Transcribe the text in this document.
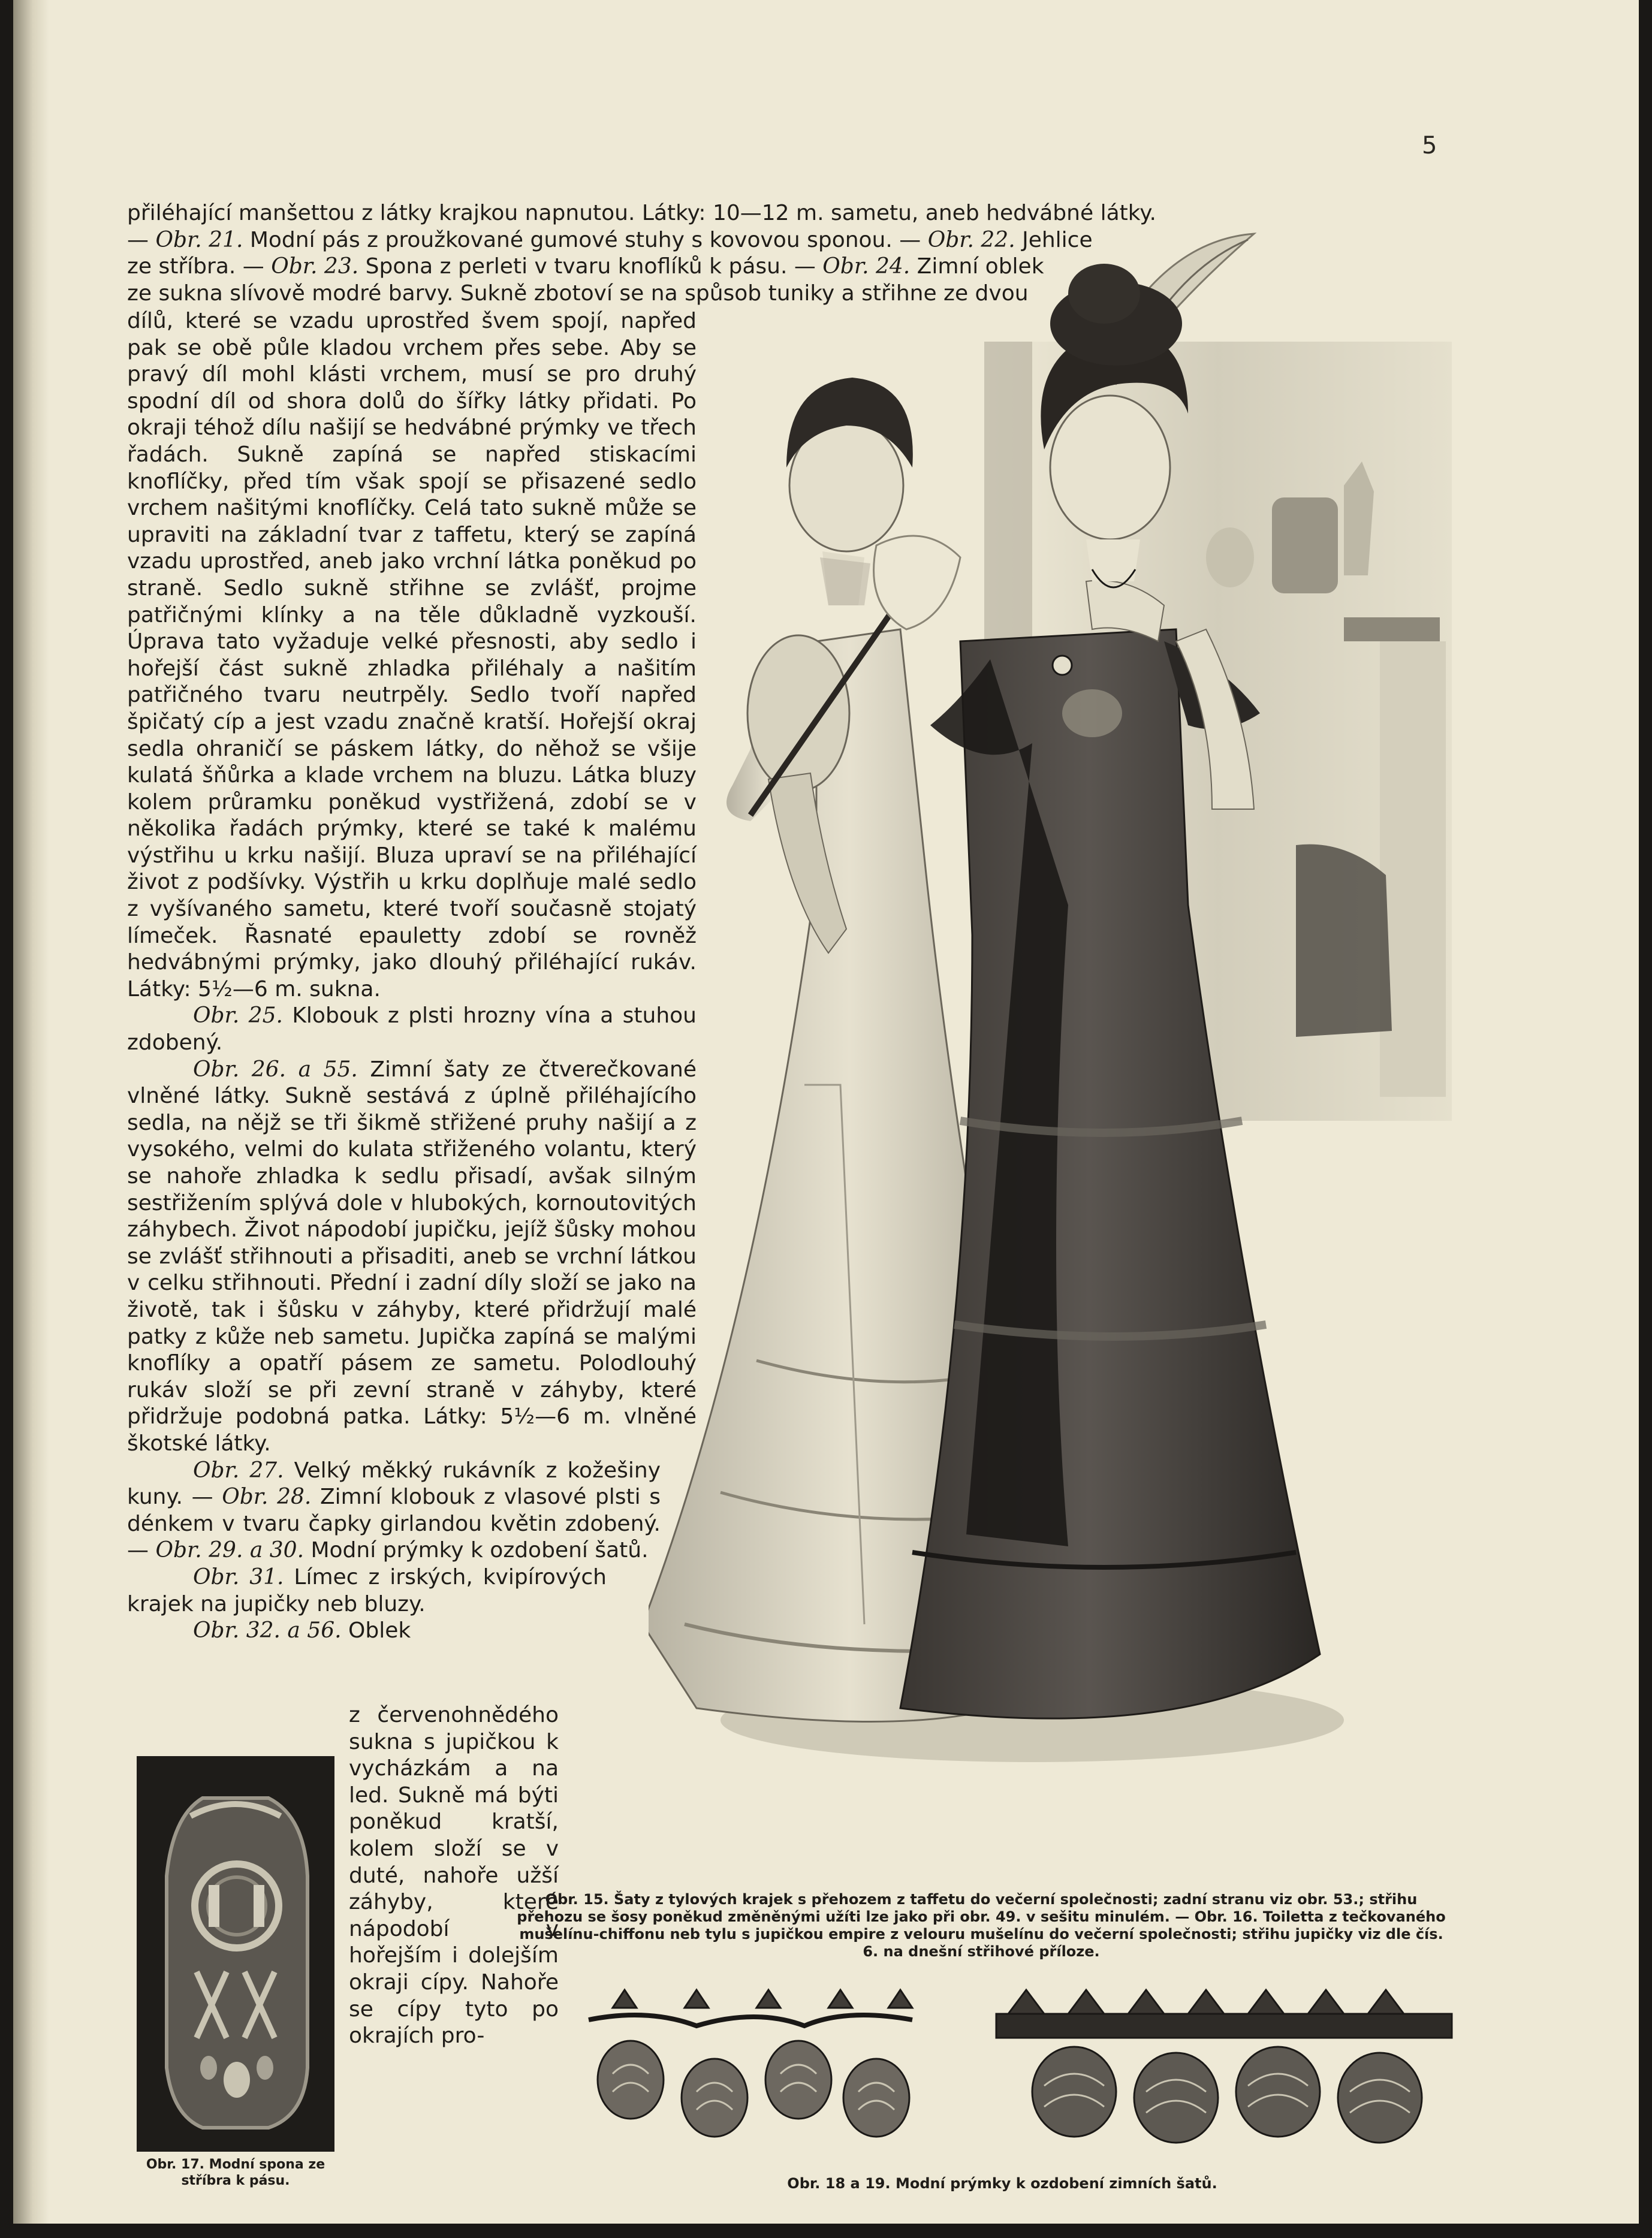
5

přiléhající manšettou z látky krajkou napnutou. Látky: 10—12 m. sametu, aneb hedvábné látky.

— Obr. 21. Modní pás z proužkované gumové stuhy s kovovou sponou. — Obr. 22. Jehlice

ze stříbra. — Obr. 23. Spona z perleti v tvaru knoflíků k pásu. — Obr. 24. Zimní oblek

ze sukna slívově modré barvy. Sukně zbotoví se na spůsob tuniky a střihne ze dvou

dílů, které se vzadu uprostřed švem spojí, napřed pak se obě půle kladou vrchem přes sebe. Aby se pravý díl mohl klásti vrchem, musí se pro druhý spodní díl od shora dolů do šířky látky přidati. Po okraji téhož dílu našijí se hedvábné prýmky ve třech řadách. Sukně zapíná se napřed stiskacími knoflíčky, před tím však spojí se přisazené sedlo vrchem našitými knoflíčky. Celá tato sukně může se upraviti na základní tvar z taffetu, který se zapíná vzadu uprostřed, aneb jako vrchní látka poněkud po straně. Sedlo sukně střihne se zvlášť, projme patřičnými klínky a na těle důkladně vyzkouší. Úprava tato vyžaduje velké přesnosti, aby sedlo i hořejší část sukně zhladka přiléhaly a našitím patřičného tvaru neutrpěly. Sedlo tvoří napřed špičatý cíp a jest vzadu značně kratší. Hořejší okraj sedla ohraničí se páskem látky, do něhož se všije kulatá šňůrka a klade vrchem na bluzu. Látka bluzy kolem průramku poněkud vystřižená, zdobí se v několika řadách prýmky, které se také k malému výstřihu u krku našijí. Bluza upraví se na přiléhající život z podšívky. Výstřih u krku doplňuje malé sedlo z vyšívaného sametu, které tvoří současně stojatý límeček. Řasnaté epauletty zdobí se rovněž hedvábnými prýmky, jako dlouhý přiléhající rukáv. Látky: 5½—6 m. sukna.

Obr. 25. Klobouk z plsti hrozny vína a stuhou zdobený.

Obr. 26. a 55. Zimní šaty ze čtverečkované vlněné látky. Sukně sestává z úplně přiléhajícího sedla, na nějž se tři šikmě střižené pruhy našijí a z vysokého, velmi do kulata střiženého volantu, který se nahoře zhladka k sedlu přisadí, avšak silným sestřižením splývá dole v hlubokých, kornoutovitých záhybech. Život nápodobí jupičku, jejíž šůsky mohou se zvlášť střihnouti a přisaditi, aneb se vrchní látkou v celku střihnouti. Přední i zadní díly složí se jako na životě, tak i šůsku v záhyby, které přidržují malé patky z kůže neb sametu. Jupička zapíná se malými knoflíky a opatří pásem ze sametu. Polodlouhý rukáv složí se při zevní straně v záhyby, které přidržuje podobná patka. Látky: 5½—6 m. vlněné škotské látky.

Obr. 27. Velký měkký rukávník z kožešiny kuny. — Obr. 28. Zimní klobouk z vlasové plsti s dénkem v tvaru čapky girlandou květin zdobený. — Obr. 29. a 30. Modní prýmky k ozdobení šatů.

Obr. 31. Límec z irských, kvipírových krajek na jupičky neb bluzy.

Obr. 32. a 56. Oblek

z červenohnědého sukna s jupičkou k vycházkám a na led. Sukně má býti poněkud kratší, kolem složí se v duté, nahoře užší záhyby, které nápodobí v hořejším i dolejším okraji cípy. Nahoře se cípy tyto po okrajích pro-
Obr. 15. Šaty z tylových krajek s přehozem z taffetu do večerní společnosti; zadní stranu viz obr. 53.; střihu přehozu se šosy poněkud změněnými užíti lze jako při obr. 49. v sešitu minulém. — Obr. 16. Toiletta z tečkovaného mušelínu-chiffonu neb tylu s jupičkou empire z velouru mušelínu do večerní společnosti; střihu jupičky viz dle čís. 6. na dnešní střihové příloze.
Obr. 17. Modní spona ze stříbra k pásu.	Obr. 18 a 19. Modní prýmky k ozdobení zimních šatů.
